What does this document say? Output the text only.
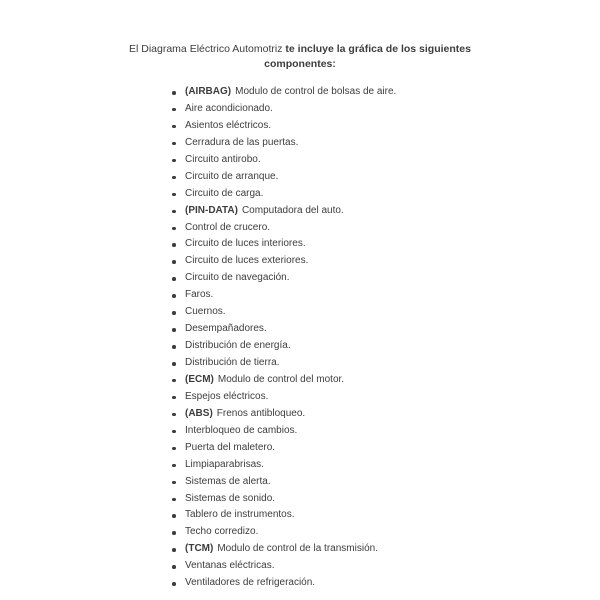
El Diagrama Eléctrico Automotriz te incluye la gráfica de los siguientes componentes:
(AIRBAG) Modulo de control de bolsas de aire.
Aire acondicionado.
Asientos eléctricos.
Cerradura de las puertas.
Circuito antirobo.
Circuito de arranque.
Circuito de carga.
(PIN-DATA) Computadora del auto.
Control de crucero.
Circuito de luces interiores.
Circuito de luces exteriores.
Circuito de navegación.
Faros.
Cuernos.
Desempañadores.
Distribución de energía.
Distribución de tierra.
(ECM) Modulo de control del motor.
Espejos eléctricos.
(ABS) Frenos antibloqueo.
Interbloqueo de cambios.
Puerta del maletero.
Limpiaparabrisas.
Sistemas de alerta.
Sistemas de sonido.
Tablero de instrumentos.
Techo corredizo.
(TCM) Modulo de control de la transmisión.
Ventanas eléctricas.
Ventiladores de refrigeración.
